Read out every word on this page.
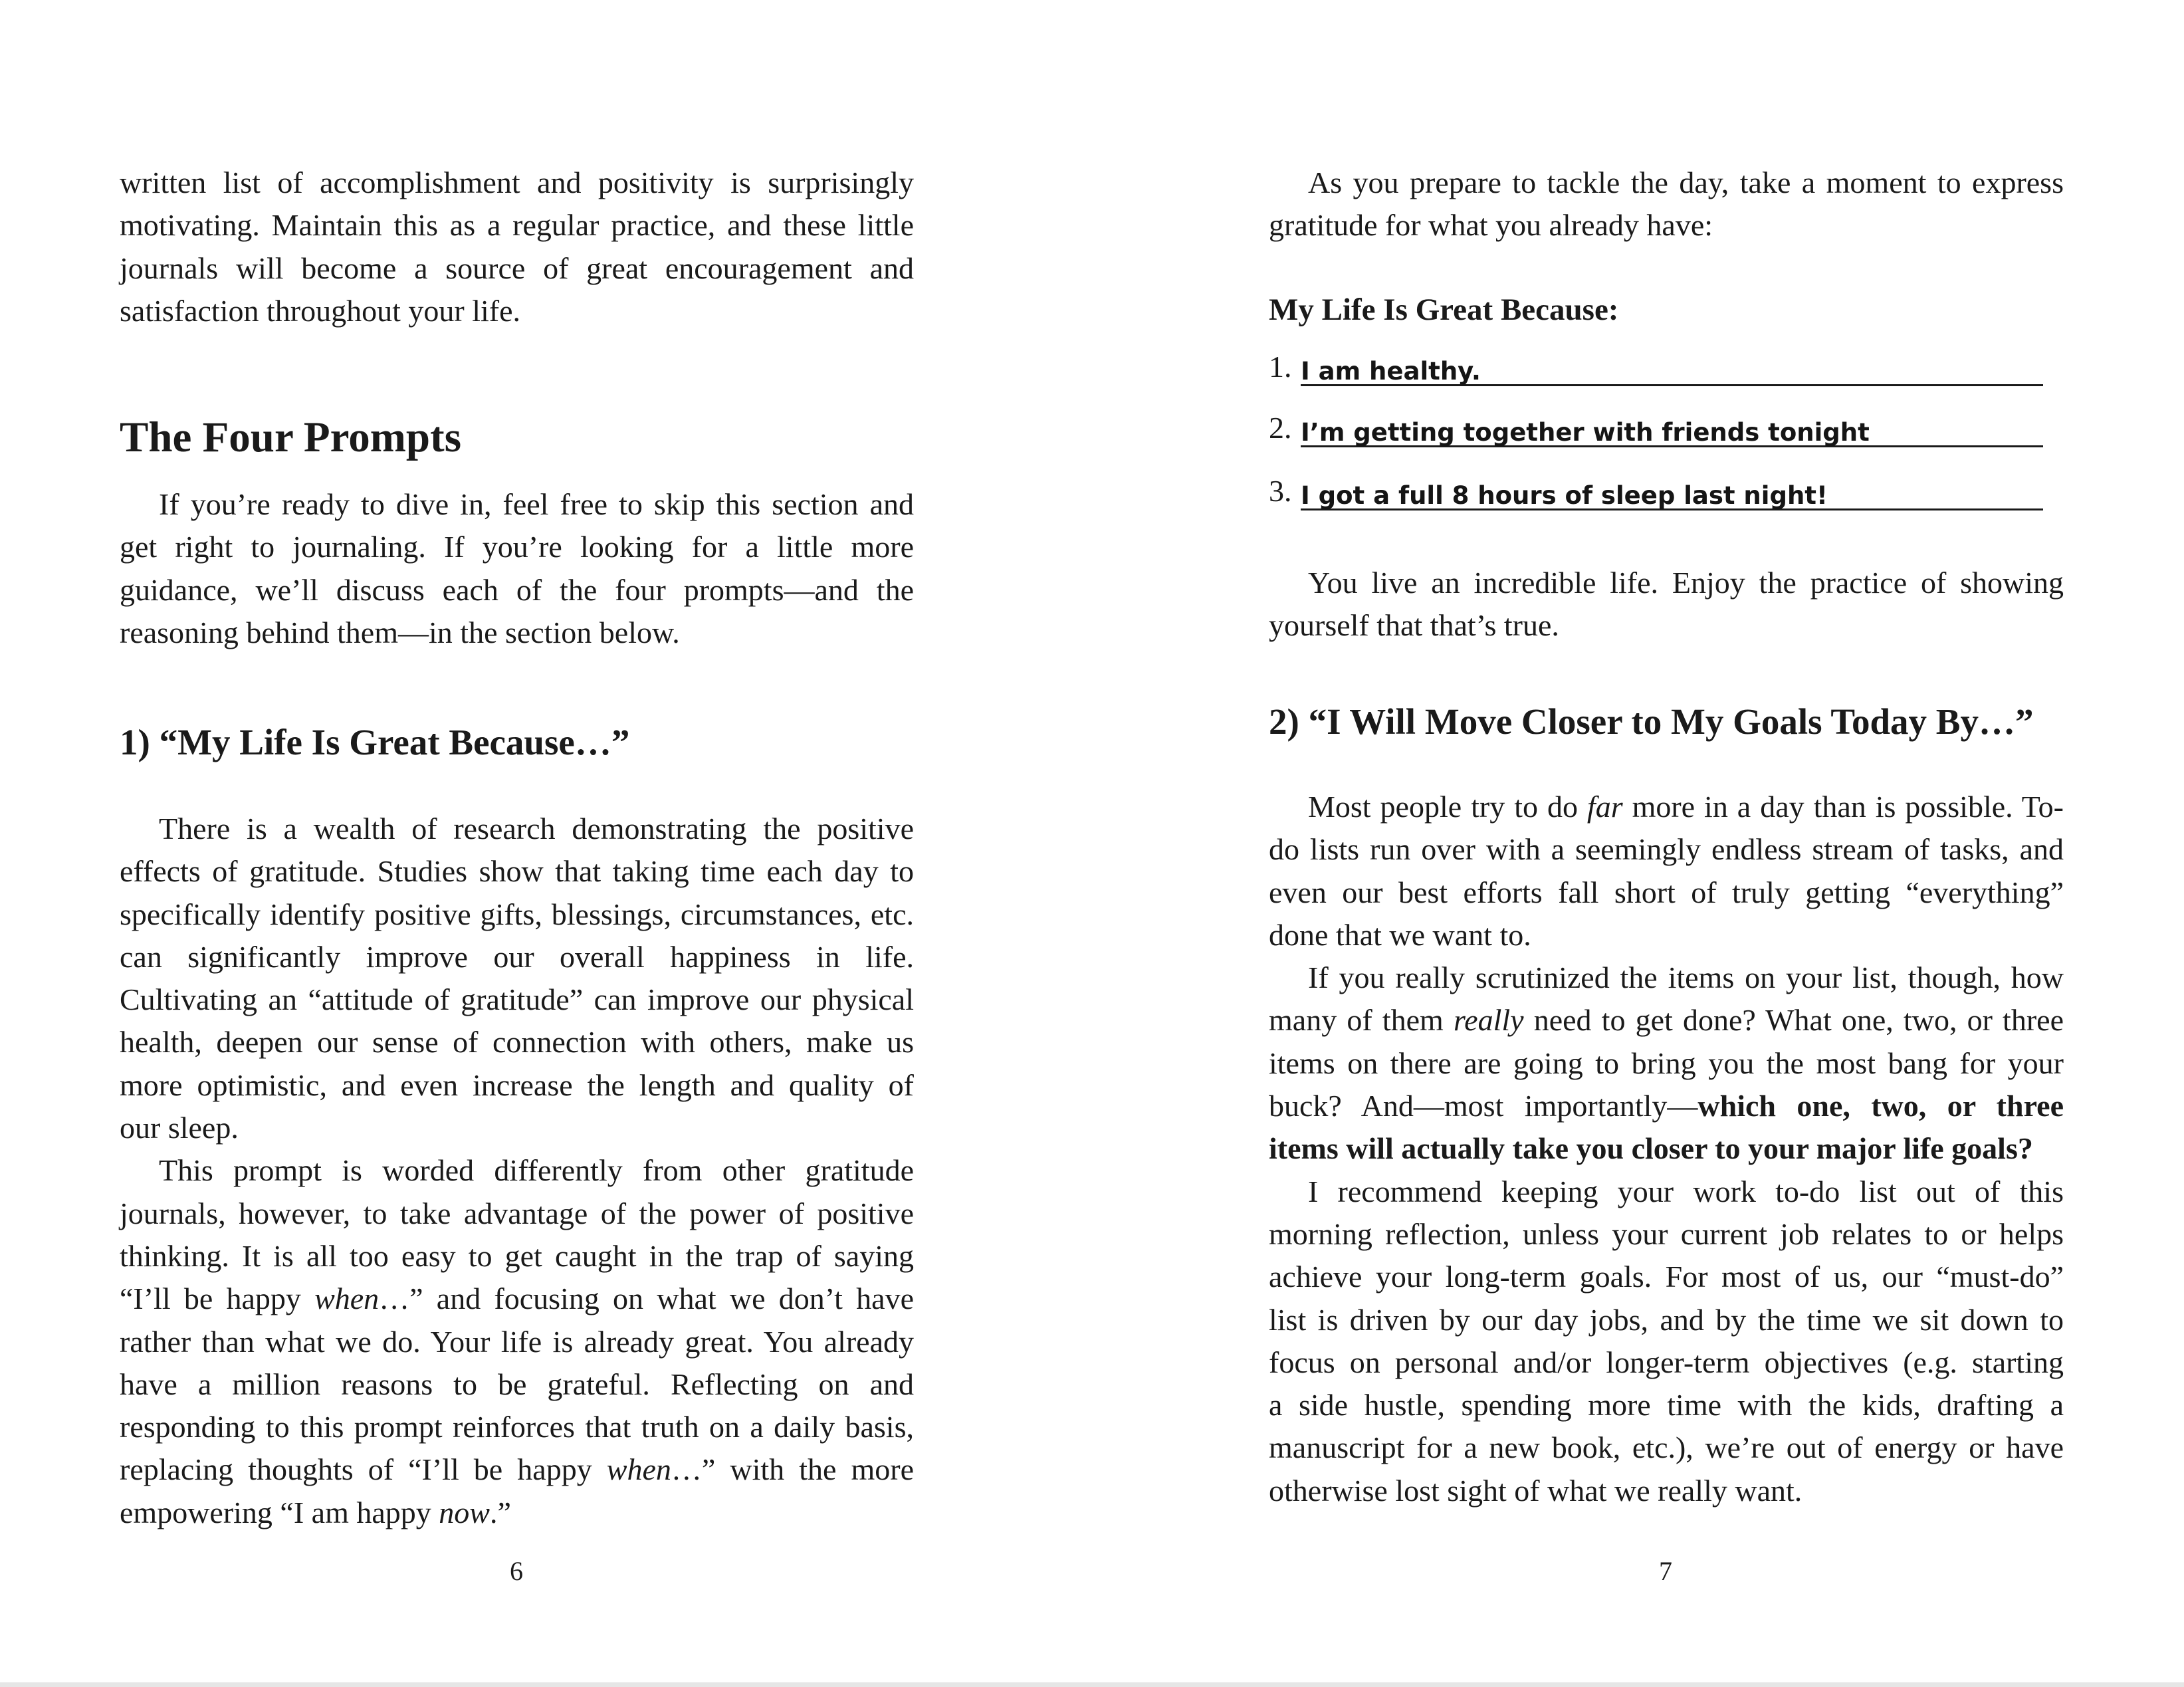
written list of accomplishment and positivity is surprisingly
motivating. Maintain this as a regular practice, and these little
journals will become a source of great encouragement and
satisfaction throughout your life.
The Four Prompts
If you’re ready to dive in, feel free to skip this section and
get right to journaling. If you’re looking for a little more
guidance, we’ll discuss each of the four prompts—and the
reasoning behind them—in the section below.
1) “My Life Is Great Because…”
There is a wealth of research demonstrating the positive
effects of gratitude. Studies show that taking time each day to
specifically identify positive gifts, blessings, circumstances, etc.
can significantly improve our overall happiness in life.
Cultivating an “attitude of gratitude” can improve our physical
health, deepen our sense of connection with others, make us
more optimistic, and even increase the length and quality of
our sleep.
This prompt is worded differently from other gratitude
journals, however, to take advantage of the power of positive
thinking. It is all too easy to get caught in the trap of saying
“I’ll be happy when…” and focusing on what we don’t have
rather than what we do. Your life is already great. You already
have a million reasons to be grateful. Reflecting on and
responding to this prompt reinforces that truth on a daily basis,
replacing thoughts of “I’ll be happy when…” with the more
empowering “I am happy now.”
6
As you prepare to tackle the day, take a moment to express
gratitude for what you already have:
My Life Is Great Because:
1. I am healthy.
2. I’m getting together with friends tonight
3. I got a full 8 hours of sleep last night!
You live an incredible life. Enjoy the practice of showing
yourself that that’s true.
2) “I Will Move Closer to My Goals Today By…”
Most people try to do far more in a day than is possible. To-
do lists run over with a seemingly endless stream of tasks, and
even our best efforts fall short of truly getting “everything”
done that we want to.
If you really scrutinized the items on your list, though, how
many of them really need to get done? What one, two, or three
items on there are going to bring you the most bang for your
buck? And—most importantly—which one, two, or three
items will actually take you closer to your major life goals?
I recommend keeping your work to-do list out of this
morning reflection, unless your current job relates to or helps
achieve your long-term goals. For most of us, our “must-do”
list is driven by our day jobs, and by the time we sit down to
focus on personal and/or longer-term objectives (e.g. starting
a side hustle, spending more time with the kids, drafting a
manuscript for a new book, etc.), we’re out of energy or have
otherwise lost sight of what we really want.
7
